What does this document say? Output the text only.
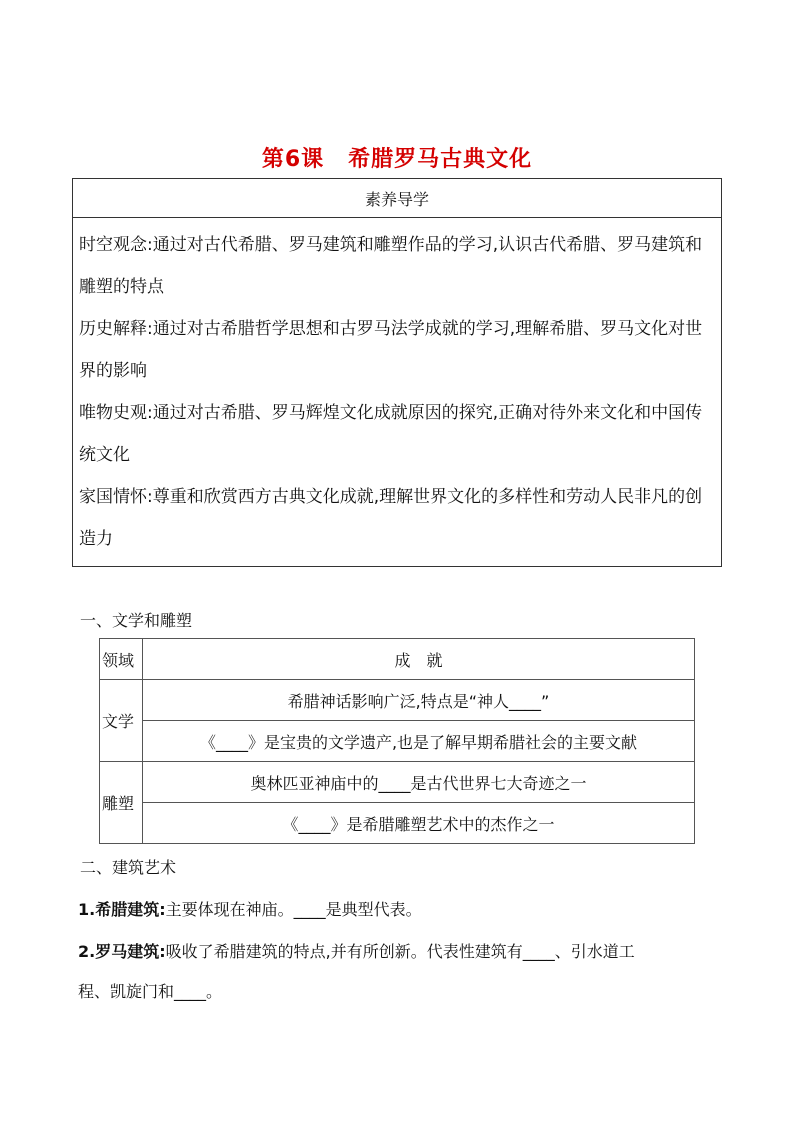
第6课 希腊罗马古典文化
素养导学

时空观念:通过对古代希腊、罗马建筑和雕塑作品的学习,认识古代希腊、罗马建筑和雕塑的特点

历史解释:通过对古希腊哲学思想和古罗马法学成就的学习,理解希腊、罗马文化对世界的影响

唯物史观:通过对古希腊、罗马辉煌文化成就原因的探究,正确对待外来文化和中国传统文化

家国情怀:尊重和欣赏西方古典文化成就,理解世界文化的多样性和劳动人民非凡的创造力

一、文学和雕塑
领域	成　就
文学	希腊神话影响广泛,特点是“神人____”
	《____》是宝贵的文学遗产,也是了解早期希腊社会的主要文献
雕塑	奥林匹亚神庙中的____是古代世界七大奇迹之一
	《____》是希腊雕塑艺术中的杰作之一
二、建筑艺术
1.希腊建筑:主要体现在神庙。____是典型代表。
2.罗马建筑:吸收了希腊建筑的特点,并有所创新。代表性建筑有____、引水道工
程、凯旋门和____。
